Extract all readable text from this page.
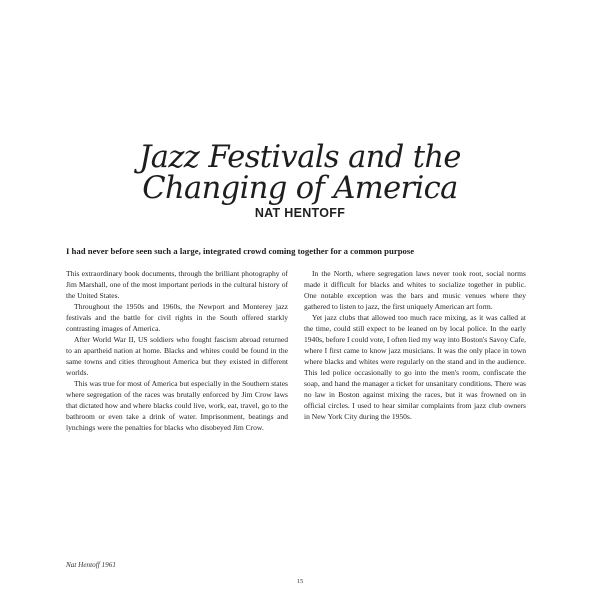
Jazz Festivals and the
Changing of America
NAT HENTOFF
I had never before seen such a large, integrated crowd coming together for a common purpose

This extraordinary book documents, through the brilliant photography of Jim Marshall, one of the most important periods in the cultural history of the United States.

Throughout the 1950s and 1960s, the Newport and Monterey jazz festivals and the battle for civil rights in the South offered starkly contrasting images of America.

After World War II, US soldiers who fought fascism abroad returned to an apartheid nation at home. Blacks and whites could be found in the same towns and cities throughout America but they existed in different worlds.

This was true for most of America but especially in the Southern states where segregation of the races was brutally enforced by Jim Crow laws that dictated how and where blacks could live, work, eat, travel, go to the bathroom or even take a drink of water. Imprisonment, beatings and lynchings were the penalties for blacks who disobeyed Jim Crow.

In the North, where segregation laws never took root, social norms made it difficult for blacks and whites to socialize together in public. One notable exception was the bars and music venues where they gathered to listen to jazz, the first uniquely American art form.

Yet jazz clubs that allowed too much race mixing, as it was called at the time, could still expect to be leaned on by local police. In the early 1940s, before I could vote, I often lied my way into Boston's Savoy Cafe, where I first came to know jazz musicians. It was the only place in town where blacks and whites were regularly on the stand and in the audience. This led police occasionally to go into the men's room, confiscate the soap, and hand the manager a ticket for unsanitary conditions. There was no law in Boston against mixing the races, but it was frowned on in official circles. I used to hear similar complaints from jazz club owners in New York City during the 1950s.

Nat Hentoff 1961
15
